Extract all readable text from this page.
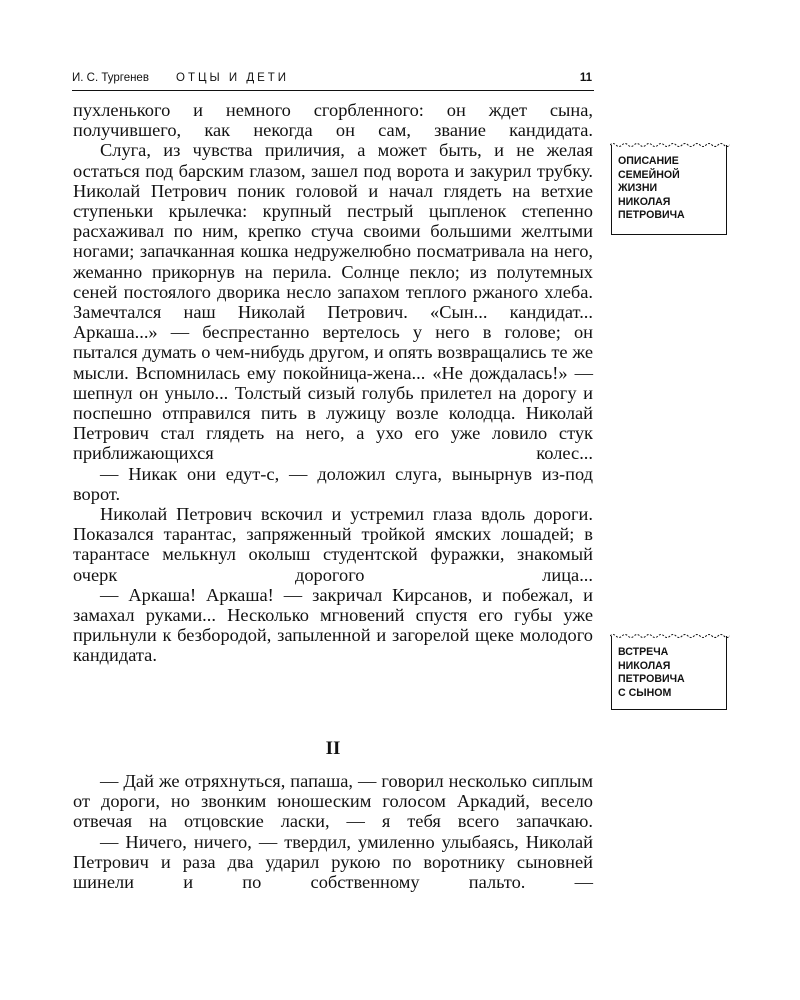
И. С. Тургенев ОТЦЫ И ДЕТИ	11

пухленького и немного сгорбленного: он ждет сына, получившего, как некогда он сам, звание кандидата.

Слуга, из чувства приличия, а может быть, и не желая остаться под барским глазом, зашел под ворота и закурил трубку. Николай Петрович поник головой и начал глядеть на ветхие ступеньки крылечка: крупный пестрый цыпленок степенно расхаживал по ним, крепко стуча своими большими желтыми ногами; запачканная кошка недружелюбно посматривала на него, жеманно прикорнув на перила. Солнце пекло; из полутемных сеней постоялого дворика несло запахом теплого ржаного хлеба. Замечтался наш Николай Петрович. «Сын... кандидат... Аркаша...» — беспрестанно вертелось у него в голове; он пытался думать о чем-нибудь другом, и опять возвращались те же мысли. Вспомнилась ему покойница-жена... «Не дождалась!» — шепнул он уныло... Толстый сизый голубь прилетел на дорогу и поспешно отправился пить в лужицу возле колодца. Николай Петрович стал глядеть на него, а ухо его уже ловило стук приближающихся колес...

— Никак они едут-с, — доложил слуга, вынырнув из-под ворот.

Николай Петрович вскочил и устремил глаза вдоль дороги. Показался тарантас, запряженный тройкой ямских лошадей; в тарантасе мелькнул околыш студентской фуражки, знакомый очерк дорогого лица...

— Аркаша! Аркаша! — закричал Кирсанов, и побежал, и замахал руками... Несколько мгновений спустя его губы уже прильнули к безбородой, запыленной и загорелой щеке молодого кандидата.

II

— Дай же отряхнуться, папаша, — говорил несколько сиплым от дороги, но звонким юношеским голосом Аркадий, весело отвечая на отцовские ласки, — я тебя всего запачкаю.

— Ничего, ничего, — твердил, умиленно улыбаясь, Николай Петрович и раза два ударил рукою по воротнику сыновней шинели и по собственному пальто. —

ОПИСАНИЕ
СЕМЕЙНОЙ
ЖИЗНИ
НИКОЛАЯ
ПЕТРОВИЧА
ВСТРЕЧА
НИКОЛАЯ
ПЕТРОВИЧА
С СЫНОМ
